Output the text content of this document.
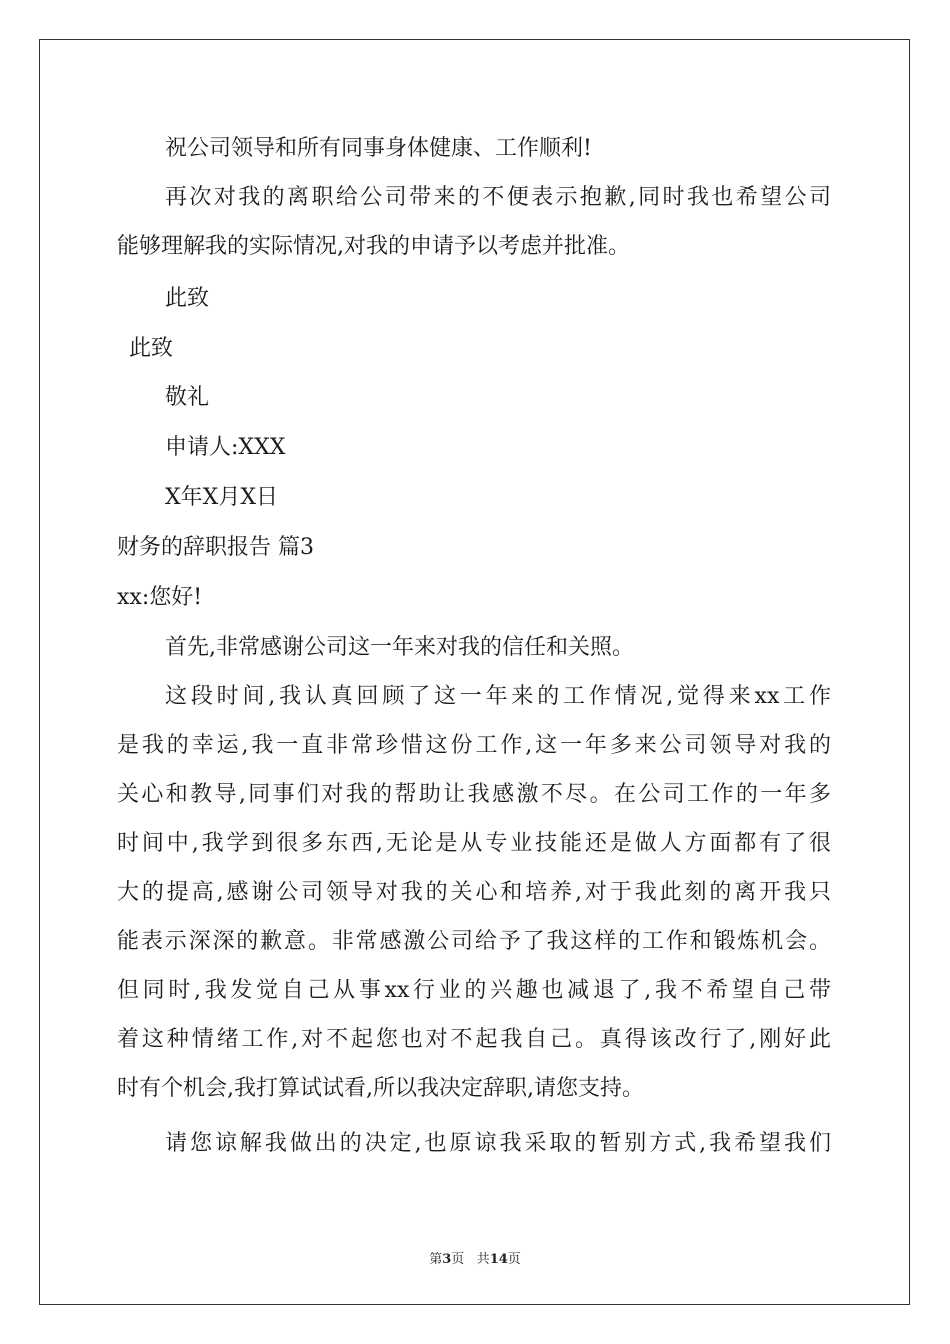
祝公司领导和所有同事身体健康、工作顺利!
再次对我的离职给公司带来的不便表示抱歉,同时我也希望公司
能够理解我的实际情况,对我的申请予以考虑并批准。
此致
此致
敬礼
申请人:XXX
X年X月X日
财务的辞职报告 篇3
xx:您好!
首先,非常感谢公司这一年来对我的信任和关照。
这段时间,我认真回顾了这一年来的工作情况,觉得来xx工作
是我的幸运,我一直非常珍惜这份工作,这一年多来公司领导对我的
关心和教导,同事们对我的帮助让我感激不尽。在公司工作的一年多
时间中,我学到很多东西,无论是从专业技能还是做人方面都有了很
大的提高,感谢公司领导对我的关心和培养,对于我此刻的离开我只
能表示深深的歉意。非常感激公司给予了我这样的工作和锻炼机会。
但同时,我发觉自己从事xx行业的兴趣也减退了,我不希望自己带
着这种情绪工作,对不起您也对不起我自己。真得该改行了,刚好此
时有个机会,我打算试试看,所以我决定辞职,请您支持。
请您谅解我做出的决定,也原谅我采取的暂别方式,我希望我们
第3页 共14页
